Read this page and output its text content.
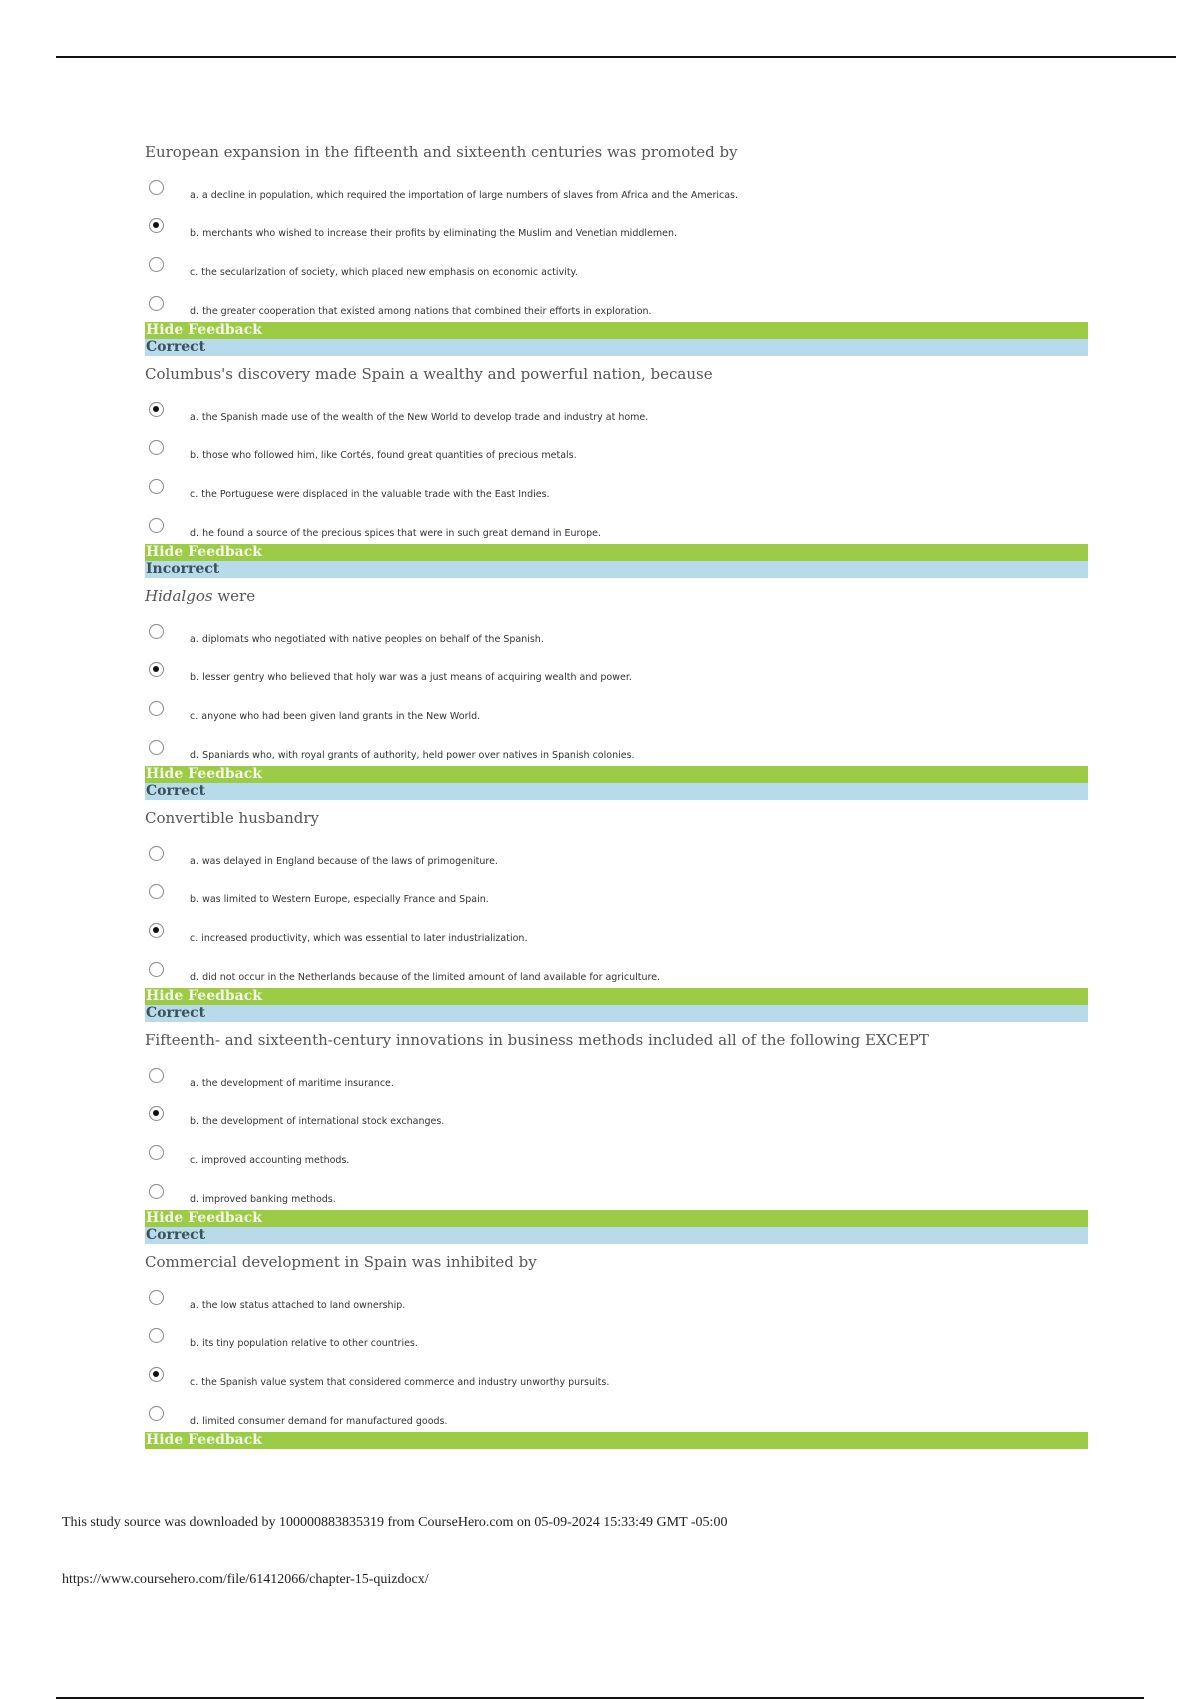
European expansion in the fifteenth and sixteenth centuries was promoted by

a. a decline in population, which required the importation of large numbers of slaves from Africa and the Americas.
b. merchants who wished to increase their profits by eliminating the Muslim and Venetian middlemen.
c. the secularization of society, which placed new emphasis on economic activity.
d. the greater cooperation that existed among nations that combined their efforts in exploration.
Hide Feedback
Correct

Columbus's discovery made Spain a wealthy and powerful nation, because

a. the Spanish made use of the wealth of the New World to develop trade and industry at home.
b. those who followed him, like Cortés, found great quantities of precious metals.
c. the Portuguese were displaced in the valuable trade with the East Indies.
d. he found a source of the precious spices that were in such great demand in Europe.
Hide Feedback
Incorrect

Hidalgos were

a. diplomats who negotiated with native peoples on behalf of the Spanish.
b. lesser gentry who believed that holy war was a just means of acquiring wealth and power.
c. anyone who had been given land grants in the New World.
d. Spaniards who, with royal grants of authority, held power over natives in Spanish colonies.
Hide Feedback
Correct

Convertible husbandry

a. was delayed in England because of the laws of primogeniture.
b. was limited to Western Europe, especially France and Spain.
c. increased productivity, which was essential to later industrialization.
d. did not occur in the Netherlands because of the limited amount of land available for agriculture.
Hide Feedback
Correct

Fifteenth- and sixteenth-century innovations in business methods included all of the following EXCEPT

a. the development of maritime insurance.
b. the development of international stock exchanges.
c. improved accounting methods.
d. improved banking methods.
Hide Feedback
Correct

Commercial development in Spain was inhibited by

a. the low status attached to land ownership.
b. its tiny population relative to other countries.
c. the Spanish value system that considered commerce and industry unworthy pursuits.
d. limited consumer demand for manufactured goods.
Hide Feedback
This study source was downloaded by 100000883835319 from CourseHero.com on 05-09-2024 15:33:49 GMT -05:00
https://www.coursehero.com/file/61412066/chapter-15-quizdocx/
